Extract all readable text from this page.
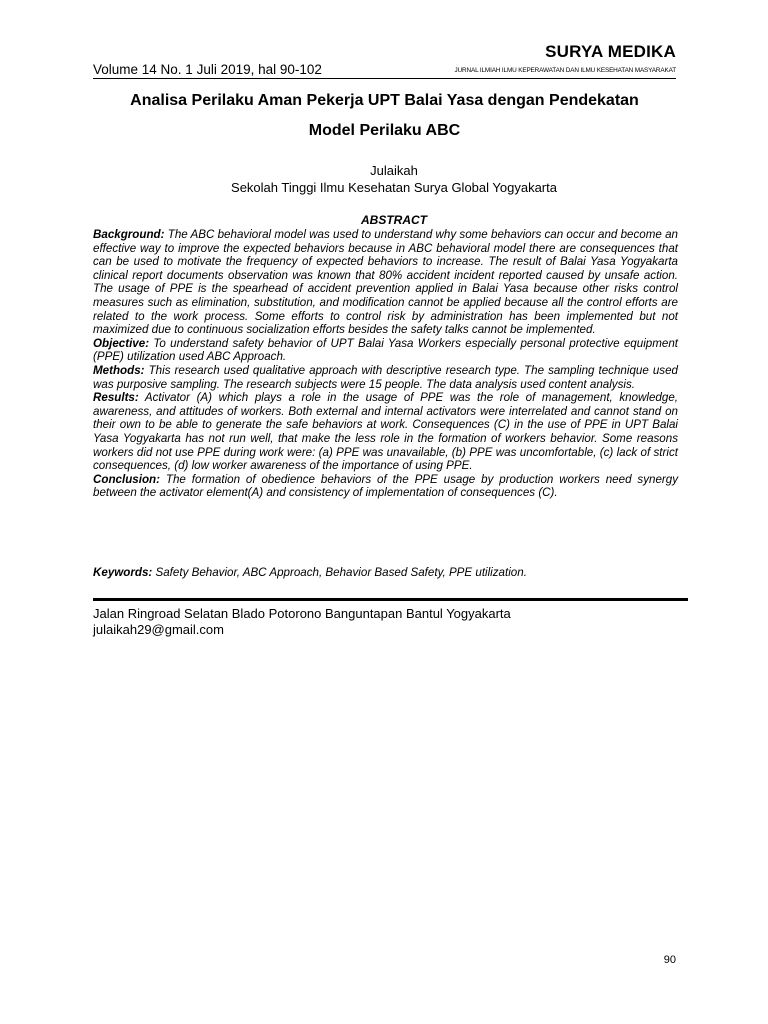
SURYA MEDIKA
Volume 14 No. 1 Juli 2019, hal 90-102	JURNAL ILMIAH ILMU KEPERAWATAN DAN ILMU KESEHATAN MASYARAKAT
Analisa Perilaku Aman Pekerja UPT Balai Yasa dengan Pendekatan
Model Perilaku ABC
Julaikah
Sekolah Tinggi Ilmu Kesehatan Surya Global Yogyakarta
ABSTRACT

Background: The ABC behavioral model was used to understand why some behaviors can occur and become an effective way to improve the expected behaviors because in ABC behavioral model there are consequences that can be used to motivate the frequency of expected behaviors to increase. The result of Balai Yasa Yogyakarta clinical report documents observation was known that 80% accident incident reported caused by unsafe action. The usage of PPE is the spearhead of accident prevention applied in Balai Yasa because other risks control measures such as elimination, substitution, and modification cannot be applied because all the control efforts are related to the work process. Some efforts to control risk by administration has been implemented but not maximized due to continuous socialization efforts besides the safety talks cannot be implemented.

Objective: To understand safety behavior of UPT Balai Yasa Workers especially personal protective equipment (PPE) utilization used ABC Approach.

Methods: This research used qualitative approach with descriptive research type. The sampling technique used was purposive sampling. The research subjects were 15 people. The data analysis used content analysis.

Results: Activator (A) which plays a role in the usage of PPE was the role of management, knowledge, awareness, and attitudes of workers. Both external and internal activators were interrelated and cannot stand on their own to be able to generate the safe behaviors at work. Consequences (C) in the use of PPE in UPT Balai Yasa Yogyakarta has not run well, that make the less role in the formation of workers behavior. Some reasons workers did not use PPE during work were: (a) PPE was unavailable, (b) PPE was uncomfortable, (c) lack of strict consequences, (d) low worker awareness of the importance of using PPE.

Conclusion: The formation of obedience behaviors of the PPE usage by production workers need synergy between the activator element(A) and consistency of implementation of consequences (C).

Keywords: Safety Behavior, ABC Approach, Behavior Based Safety, PPE utilization.
Jalan Ringroad Selatan Blado Potorono Banguntapan Bantul Yogyakarta
julaikah29@gmail.com
90
